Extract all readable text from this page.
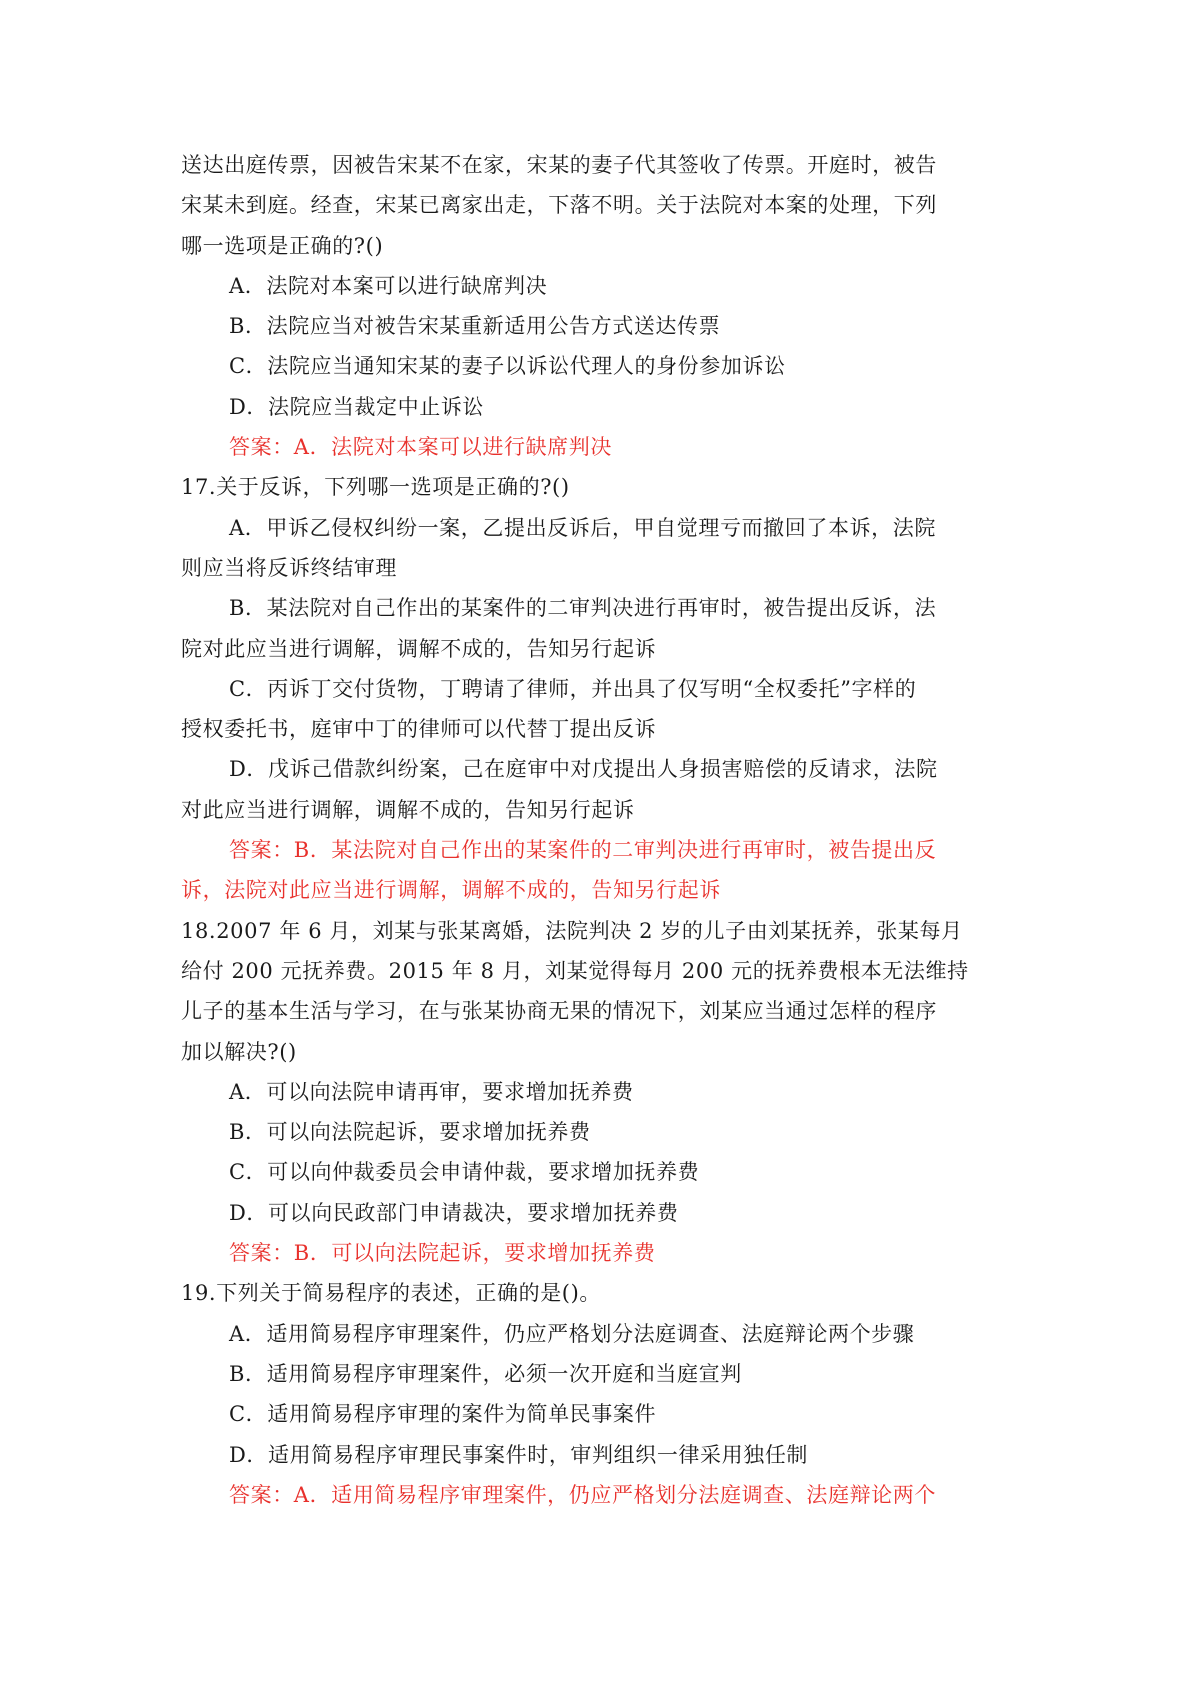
送达出庭传票，因被告宋某不在家，宋某的妻子代其签收了传票。开庭时，被告
宋某未到庭。经查，宋某已离家出走，下落不明。关于法院对本案的处理，下列
哪一选项是正确的?()
A．法院对本案可以进行缺席判决
B．法院应当对被告宋某重新适用公告方式送达传票
C．法院应当通知宋某的妻子以诉讼代理人的身份参加诉讼
D．法院应当裁定中止诉讼
答案：A．法院对本案可以进行缺席判决
17.关于反诉，下列哪一选项是正确的?()
A．甲诉乙侵权纠纷一案，乙提出反诉后，甲自觉理亏而撤回了本诉，法院
则应当将反诉终结审理
B．某法院对自己作出的某案件的二审判决进行再审时，被告提出反诉，法
院对此应当进行调解，调解不成的，告知另行起诉
C．丙诉丁交付货物，丁聘请了律师，并出具了仅写明“全权委托”字样的
授权委托书，庭审中丁的律师可以代替丁提出反诉
D．戊诉己借款纠纷案，己在庭审中对戊提出人身损害赔偿的反请求，法院
对此应当进行调解，调解不成的，告知另行起诉
答案：B．某法院对自己作出的某案件的二审判决进行再审时，被告提出反
诉，法院对此应当进行调解，调解不成的，告知另行起诉
18.2007 年 6 月，刘某与张某离婚，法院判决 2 岁的儿子由刘某抚养，张某每月
给付 200 元抚养费。2015 年 8 月，刘某觉得每月 200 元的抚养费根本无法维持
儿子的基本生活与学习，在与张某协商无果的情况下，刘某应当通过怎样的程序
加以解决?()
A．可以向法院申请再审，要求增加抚养费
B．可以向法院起诉，要求增加抚养费
C．可以向仲裁委员会申请仲裁，要求增加抚养费
D．可以向民政部门申请裁决，要求增加抚养费
答案：B．可以向法院起诉，要求增加抚养费
19.下列关于简易程序的表述，正确的是()。
A．适用简易程序审理案件，仍应严格划分法庭调查、法庭辩论两个步骤
B．适用简易程序审理案件，必须一次开庭和当庭宣判
C．适用简易程序审理的案件为简单民事案件
D．适用简易程序审理民事案件时，审判组织一律采用独任制
答案：A．适用简易程序审理案件，仍应严格划分法庭调查、法庭辩论两个
